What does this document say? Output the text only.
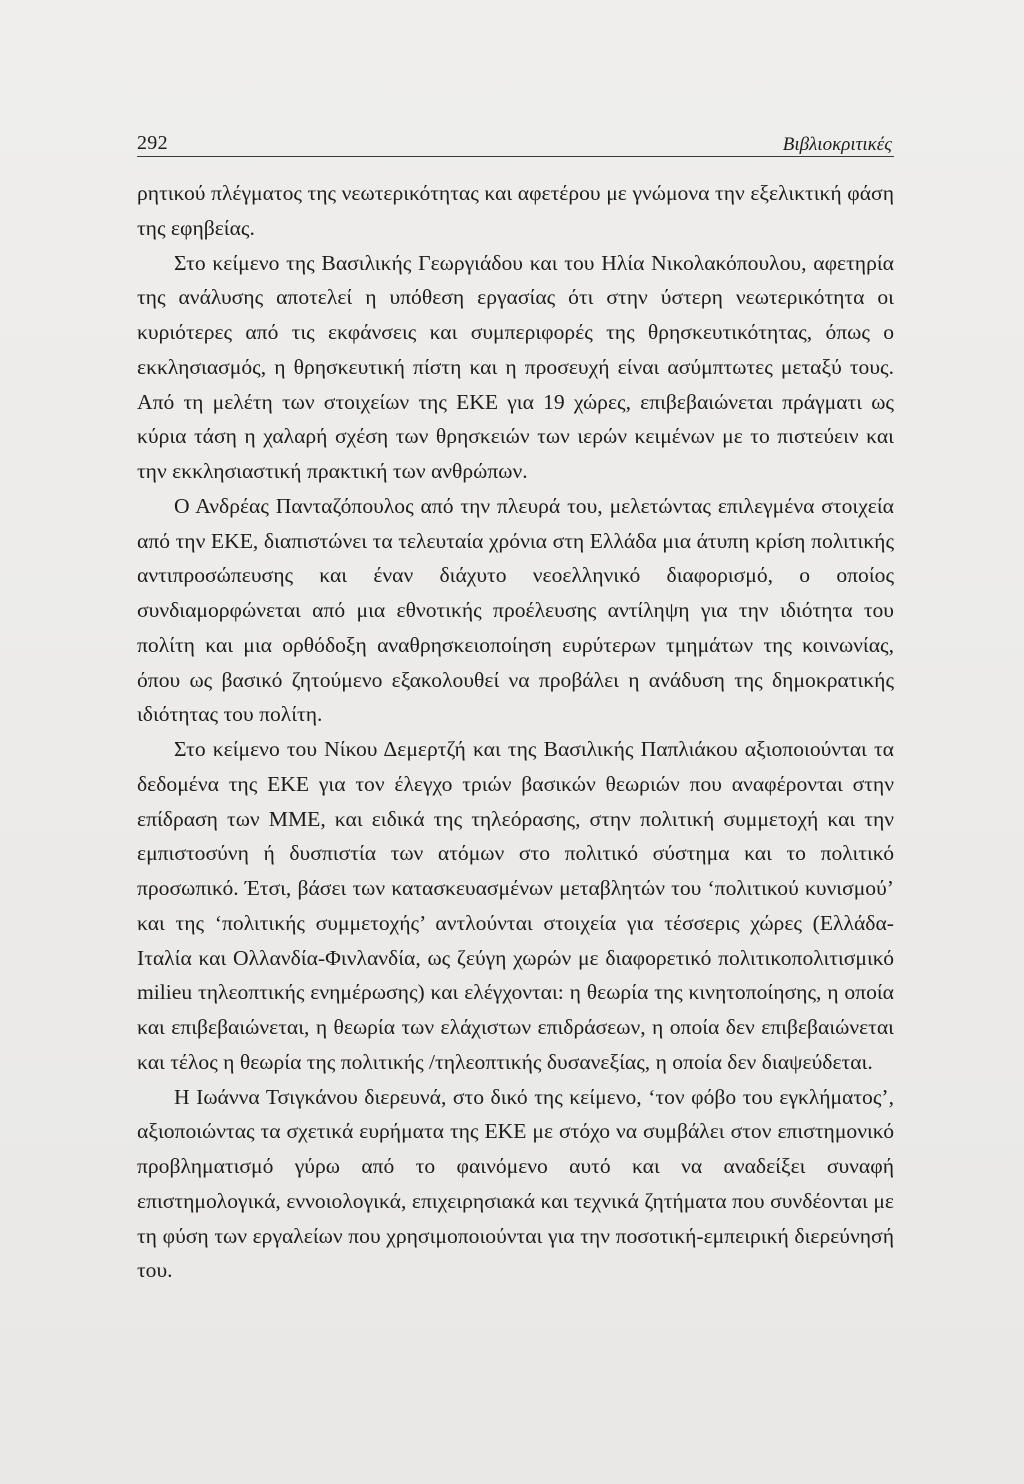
292	Βιβλιοκριτικές

ρητικού πλέγματος της νεωτερικότητας και αφετέρου με γνώμονα την εξελικτική φάση της εφηβείας.

Στο κείμενο της Βασιλικής Γεωργιάδου και του Ηλία Νικολακόπουλου, αφετηρία της ανάλυσης αποτελεί η υπόθεση εργασίας ότι στην ύστερη νεωτερικότητα οι κυριότερες από τις εκφάνσεις και συμπεριφορές της θρησκευτικότητας, όπως ο εκκλησιασμός, η θρησκευτική πίστη και η προσευχή είναι ασύμπτωτες μεταξύ τους. Από τη μελέτη των στοιχείων της ΕΚΕ για 19 χώρες, επιβεβαιώνεται πράγματι ως κύρια τάση η χαλαρή σχέση των θρησκειών των ιερών κειμένων με το πιστεύειν και την εκκλησιαστική πρακτική των ανθρώπων.

Ο Ανδρέας Πανταζόπουλος από την πλευρά του, μελετώντας επιλεγμένα στοιχεία από την ΕΚΕ, διαπιστώνει τα τελευταία χρόνια στη Ελλάδα μια άτυπη κρίση πολιτικής αντιπροσώπευσης και έναν διάχυτο νεοελληνικό διαφορισμό, ο οποίος συνδιαμορφώνεται από μια εθνοτικής προέλευσης αντίληψη για την ιδιότητα του πολίτη και μια ορθόδοξη αναθρησκειοποίηση ευρύτερων τμημάτων της κοινωνίας, όπου ως βασικό ζητούμενο εξακολουθεί να προβάλει η ανάδυση της δημοκρατικής ιδιότητας του πολίτη.

Στο κείμενο του Νίκου Δεμερτζή και της Βασιλικής Παπλιάκου αξιοποιούνται τα δεδομένα της ΕΚΕ για τον έλεγχο τριών βασικών θεωριών που αναφέρονται στην επίδραση των ΜΜΕ, και ειδικά της τηλεόρασης, στην πολιτική συμμετοχή και την εμπιστοσύνη ή δυσπιστία των ατόμων στο πολιτικό σύστημα και το πολιτικό προσωπικό. Έτσι, βάσει των κατασκευασμένων μεταβλητών του ‘πολιτικού κυνισμού’ και της ‘πολιτικής συμμετοχής’ αντλούνται στοιχεία για τέσσερις χώρες (Ελλάδα-Ιταλία και Ολλανδία-Φινλανδία, ως ζεύγη χωρών με διαφορετικό πολιτικοπολιτισμικό milieu τηλεοπτικής ενημέρωσης) και ελέγχονται: η θεωρία της κινητοποίησης, η οποία και επιβεβαιώνεται, η θεωρία των ελάχιστων επιδράσεων, η οποία δεν επιβεβαιώνεται και τέλος η θεωρία της πολιτικής /τηλεοπτικής δυσανεξίας, η οποία δεν διαψεύδεται.

Η Ιωάννα Τσιγκάνου διερευνά, στο δικό της κείμενο, ‘τον φόβο του εγκλήματος’, αξιοποιώντας τα σχετικά ευρήματα της ΕΚΕ με στόχο να συμβάλει στον επιστημονικό προβληματισμό γύρω από το φαινόμενο αυτό και να αναδείξει συναφή επιστημολογικά, εννοιολογικά, επιχειρησιακά και τεχνικά ζητήματα που συνδέονται με τη φύση των εργαλείων που χρησιμοποιούνται για την ποσοτική-εμπειρική διερεύνησή του.
